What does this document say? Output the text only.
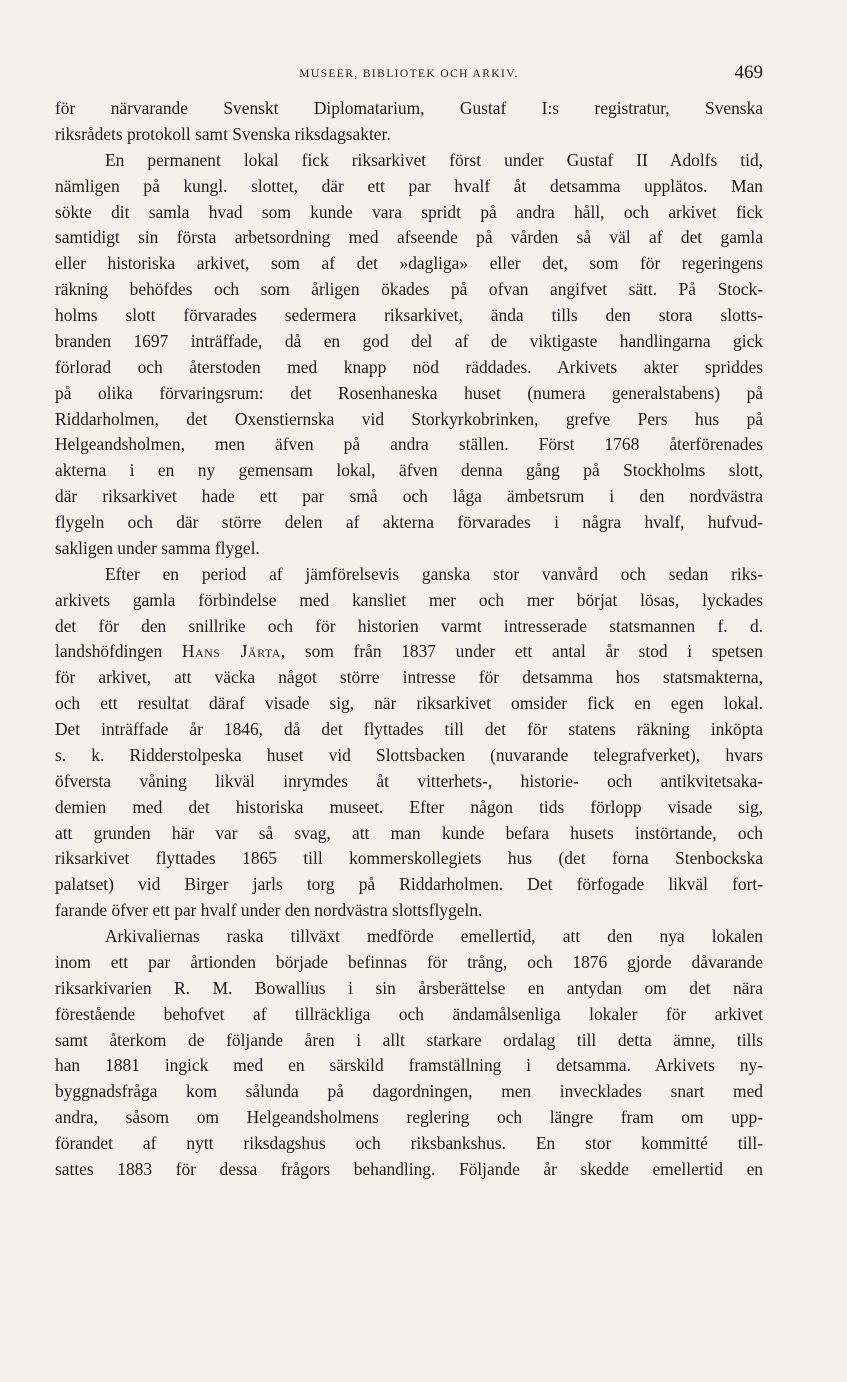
MUSEER, BIBLIOTEK OCH ARKIV.	469
för närvarande Svenskt Diplomatarium, Gustaf I:s registratur, Svenska
riksrådets protokoll samt Svenska riksdagsakter.
En permanent lokal fick riksarkivet först under Gustaf II Adolfs tid,
nämligen på kungl. slottet, där ett par hvalf åt detsamma upplätos. Man
sökte dit samla hvad som kunde vara spridt på andra håll, och arkivet fick
samtidigt sin första arbetsordning med afseende på vården så väl af det gamla
eller historiska arkivet, som af det »dagliga» eller det, som för regeringens
räkning behöfdes och som årligen ökades på ofvan angifvet sätt. På Stock-
holms slott förvarades sedermera riksarkivet, ända tills den stora slotts-
branden 1697 inträffade, då en god del af de viktigaste handlingarna gick
förlorad och återstoden med knapp nöd räddades. Arkivets akter spriddes
på olika förvaringsrum: det Rosenhaneska huset (numera generalstabens) på
Riddarholmen, det Oxenstiernska vid Storkyrkobrinken, grefve Pers hus på
Helgeandsholmen, men äfven på andra ställen. Först 1768 återförenades
akterna i en ny gemensam lokal, äfven denna gång på Stockholms slott,
där riksarkivet hade ett par små och låga ämbetsrum i den nordvästra
flygeln och där större delen af akterna förvarades i några hvalf, hufvud-
sakligen under samma flygel.
Efter en period af jämförelsevis ganska stor vanvård och sedan riks-
arkivets gamla förbindelse med kansliet mer och mer börjat lösas, lyckades
det för den snillrike och för historien varmt intresserade statsmannen f. d.
landshöfdingen Hans Järta, som från 1837 under ett antal år stod i spetsen
för arkivet, att väcka något större intresse för detsamma hos statsmakterna,
och ett resultat däraf visade sig, när riksarkivet omsider fick en egen lokal.
Det inträffade år 1846, då det flyttades till det för statens räkning inköpta
s. k. Ridderstolpeska huset vid Slottsbacken (nuvarande telegrafverket), hvars
öfversta våning likväl inrymdes åt vitterhets-, historie- och antikvitetsaka-
demien med det historiska museet. Efter någon tids förlopp visade sig,
att grunden här var så svag, att man kunde befara husets instörtande, och
riksarkivet flyttades 1865 till kommerskollegiets hus (det forna Stenbockska
palatset) vid Birger jarls torg på Riddarholmen. Det förfogade likväl fort-
farande öfver ett par hvalf under den nordvästra slottsflygeln.
Arkivaliernas raska tillväxt medförde emellertid, att den nya lokalen
inom ett par årtionden började befinnas för trång, och 1876 gjorde dåvarande
riksarkivarien R. M. Bowallius i sin årsberättelse en antydan om det nära
förestående behofvet af tillräckliga och ändamålsenliga lokaler för arkivet
samt återkom de följande åren i allt starkare ordalag till detta ämne, tills
han 1881 ingick med en särskild framställning i detsamma. Arkivets ny-
byggnadsfråga kom sålunda på dagordningen, men invecklades snart med
andra, såsom om Helgeandsholmens reglering och längre fram om upp-
förandet af nytt riksdagshus och riksbankshus. En stor kommitté till-
sattes 1883 för dessa frågors behandling. Följande år skedde emellertid en
